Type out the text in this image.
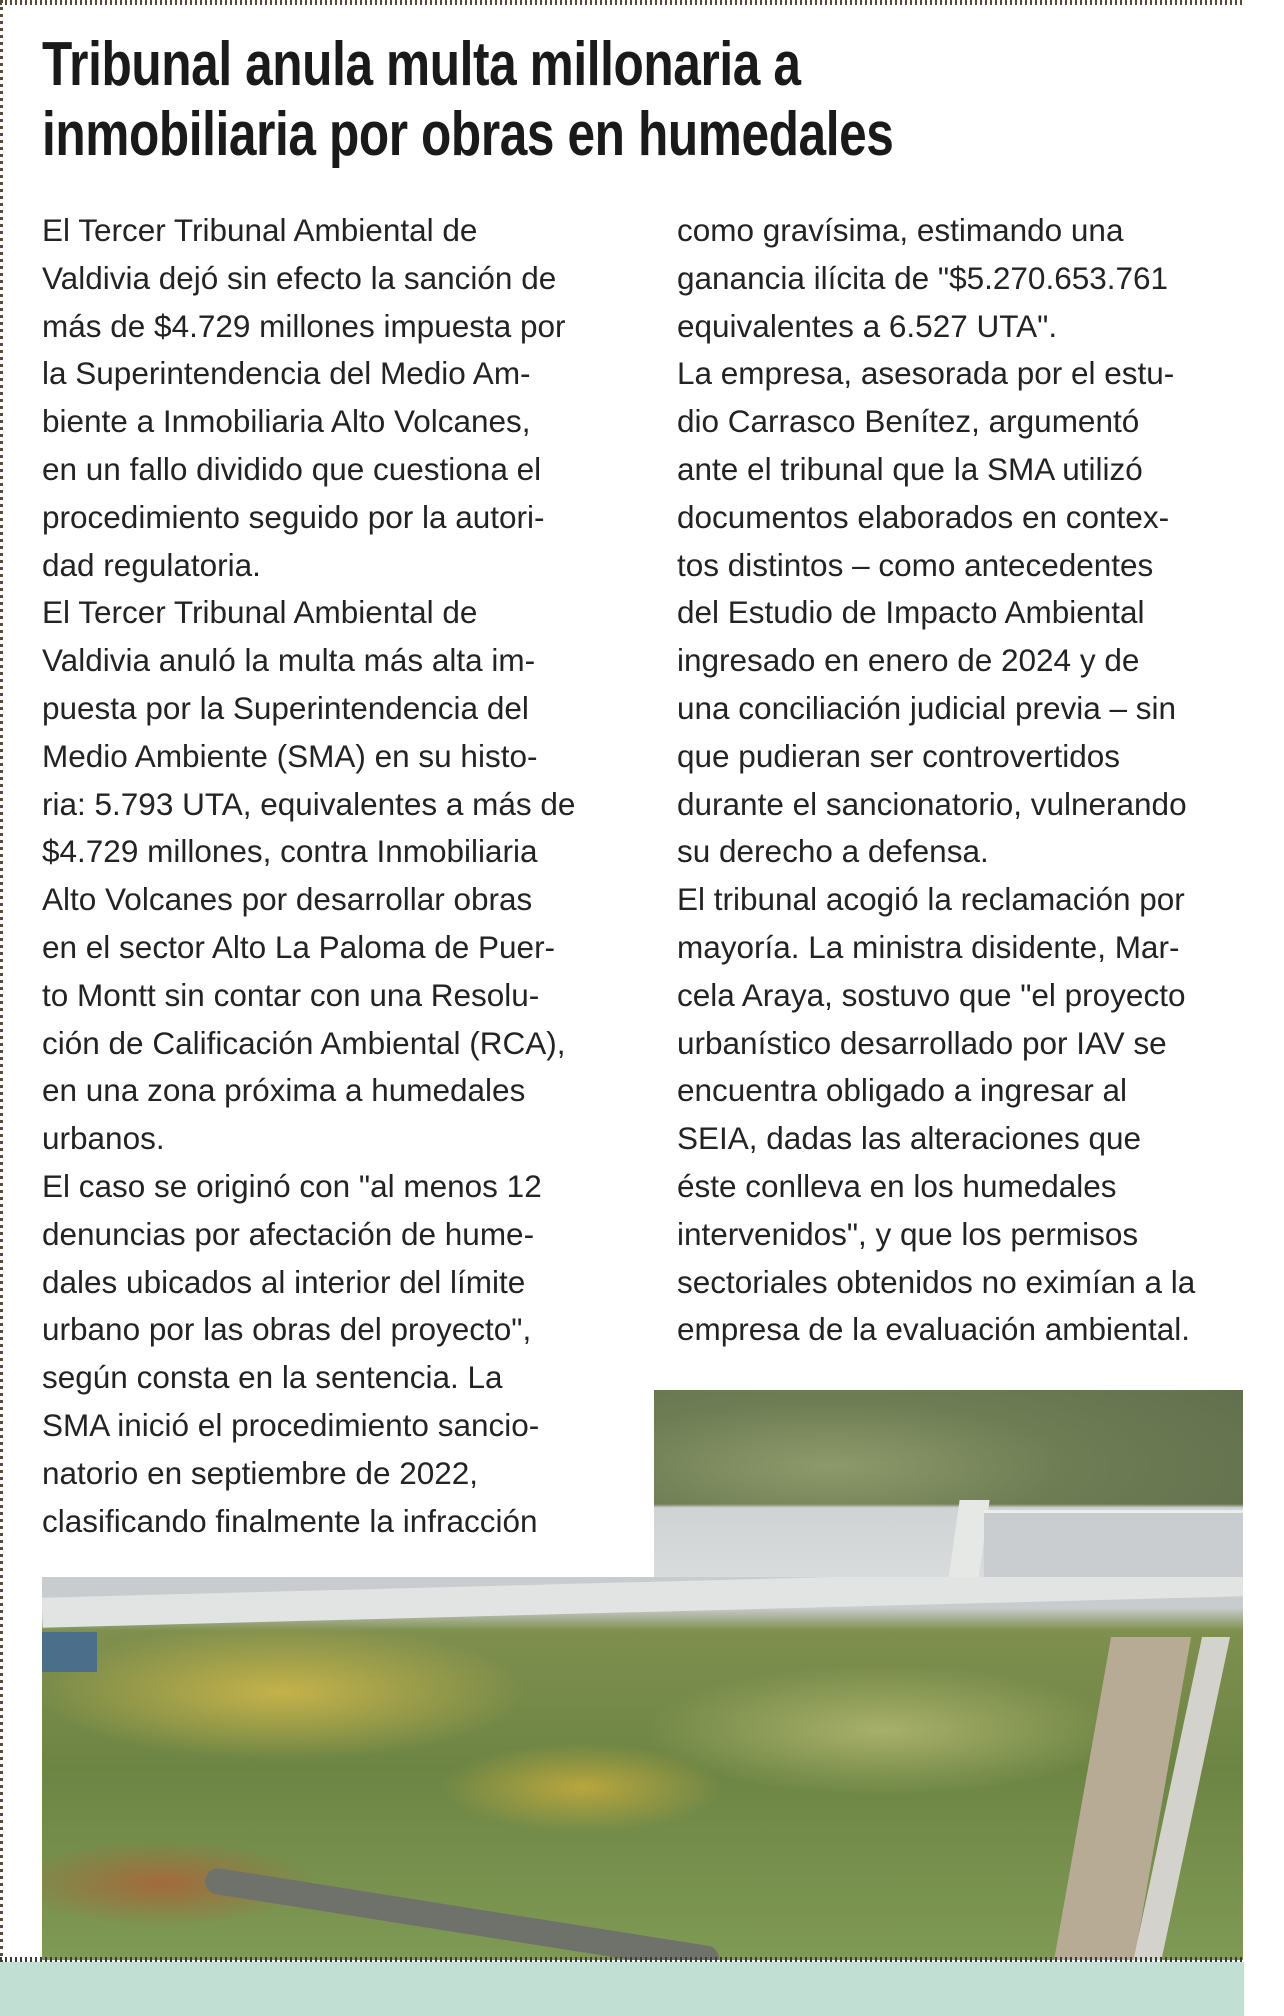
Tribunal anula multa millonaria a
inmobiliaria por obras en humedales
El Tercer Tribunal Ambiental de
Valdivia dejó sin efecto la sanción de
más de $4.729 millones impuesta por
la Superintendencia del Medio Am-
biente a Inmobiliaria Alto Volcanes,
en un fallo dividido que cuestiona el
procedimiento seguido por la autori-
dad regulatoria.
El Tercer Tribunal Ambiental de
Valdivia anuló la multa más alta im-
puesta por la Superintendencia del
Medio Ambiente (SMA) en su histo-
ria: 5.793 UTA, equivalentes a más de
$4.729 millones, contra Inmobiliaria
Alto Volcanes por desarrollar obras
en el sector Alto La Paloma de Puer-
to Montt sin contar con una Resolu-
ción de Calificación Ambiental (RCA),
en una zona próxima a humedales
urbanos.
El caso se originó con "al menos 12
denuncias por afectación de hume-
dales ubicados al interior del límite
urbano por las obras del proyecto",
según consta en la sentencia. La
SMA inició el procedimiento sancio-
natorio en septiembre de 2022,
clasificando finalmente la infracción
como gravísima, estimando una
ganancia ilícita de "$5.270.653.761
equivalentes a 6.527 UTA".
La empresa, asesorada por el estu-
dio Carrasco Benítez, argumentó
ante el tribunal que la SMA utilizó
documentos elaborados en contex-
tos distintos – como antecedentes
del Estudio de Impacto Ambiental
ingresado en enero de 2024 y de
una conciliación judicial previa – sin
que pudieran ser controvertidos
durante el sancionatorio, vulnerando
su derecho a defensa.
El tribunal acogió la reclamación por
mayoría. La ministra disidente, Mar-
cela Araya, sostuvo que "el proyecto
urbanístico desarrollado por IAV se
encuentra obligado a ingresar al
SEIA, dadas las alteraciones que
éste conlleva en los humedales
intervenidos", y que los permisos
sectoriales obtenidos no eximían a la
empresa de la evaluación ambiental.
